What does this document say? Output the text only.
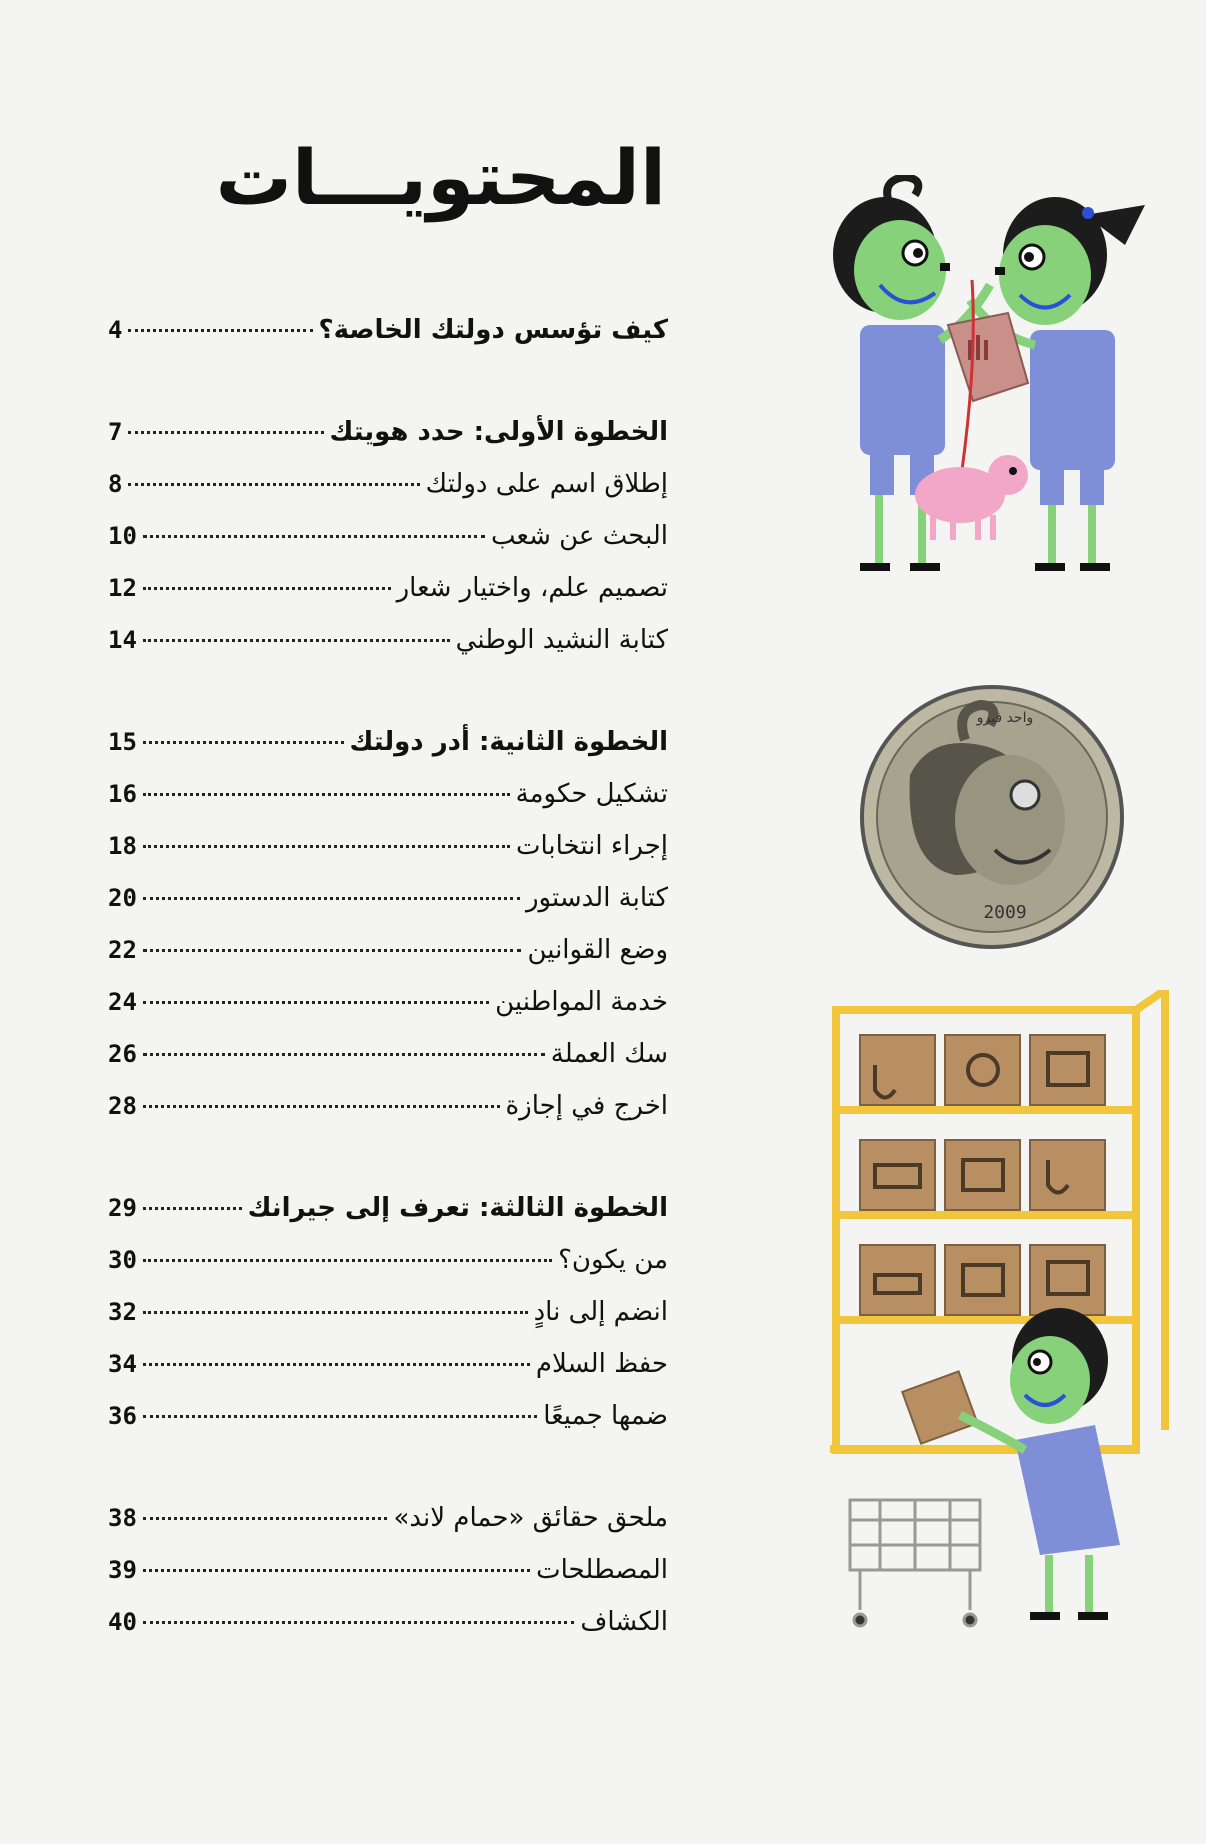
المحتويـــات
كيف تؤسس دولتك الخاصة؟
4
الخطوة الأولى: حدد هويتك
7
إطلاق اسم على دولتك
8
البحث عن شعب
10
تصميم علم، واختيار شعار
12
كتابة النشيد الوطني
14
الخطوة الثانية: أدر دولتك
15
تشكيل حكومة
16
إجراء انتخابات
18
كتابة الدستور
20
وضع القوانين
22
خدمة المواطنين
24
سك العملة
26
اخرج في إجازة
28
الخطوة الثالثة: تعرف إلى جيرانك
29
من يكون؟
30
انضم إلى نادٍ
32
حفظ السلام
34
ضمها جميعًا
36
ملحق حقائق «حمام لاند»
38
المصطلحات
39
الكشاف
40
2009
واحد فيرو
